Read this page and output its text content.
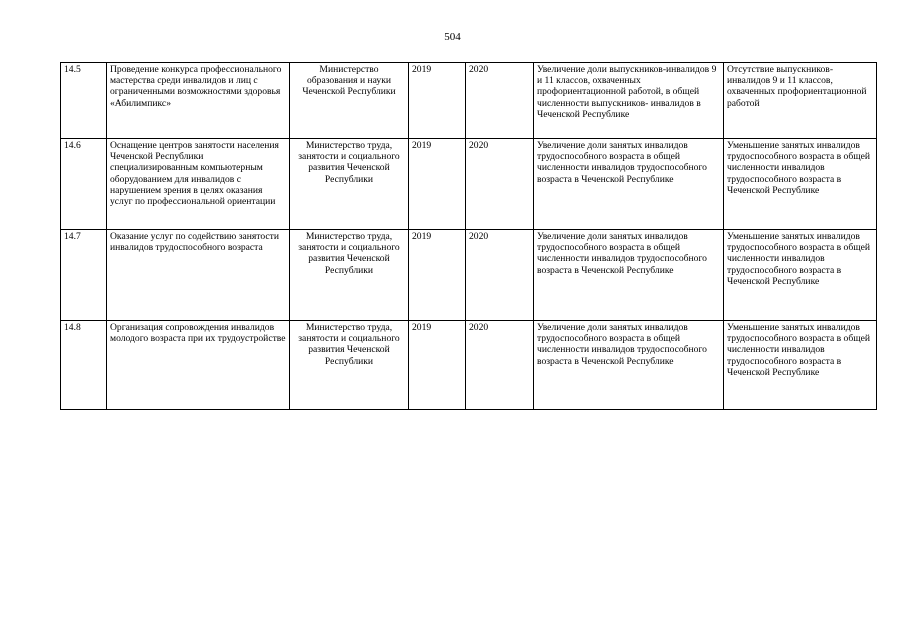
504
14.5	Проведение конкурса профессионального мастерства среди инвалидов и лиц с ограниченными возможностями здоровья «Абилимпикс»	Министерство образования и науки Чеченской Республики	2019	2020	Увеличение доли выпускников-инвалидов 9 и 11 классов, охваченных профориентационной работой, в общей численности выпускников- инвалидов в Чеченской Республике	Отсутствие выпускников-инвалидов 9 и 11 классов, охваченных профориентационной работой
14.6	Оснащение центров занятости населения Чеченской Республики специализированным компьютерным оборудованием для инвалидов с нарушением зрения в целях оказания услуг по профессиональной ориентации	Министерство труда, занятости и социального развития Чеченской Республики	2019	2020	Увеличение доли занятых инвалидов трудоспособного возраста в общей численности инвалидов трудоспособного возраста в Чеченской Республике	Уменьшение занятых инвалидов трудоспособного возраста в общей численности инвалидов трудоспособного возраста в Чеченской Республике
14.7	Оказание услуг по содействию занятости инвалидов трудоспособного возраста	Министерство труда, занятости и социального развития Чеченской Республики	2019	2020	Увеличение доли занятых инвалидов трудоспособного возраста в общей численности инвалидов трудоспособного возраста в Чеченской Республике	Уменьшение занятых инвалидов трудоспособного возраста в общей численности инвалидов трудоспособного возраста в Чеченской Республике
14.8	Организация сопровождения инвалидов молодого возраста при их трудоустройстве	Министерство труда, занятости и социального развития Чеченской Республики	2019	2020	Увеличение доли занятых инвалидов трудоспособного возраста в общей численности инвалидов трудоспособного возраста в Чеченской Республике	Уменьшение занятых инвалидов трудоспособного возраста в общей численности инвалидов трудоспособного возраста в Чеченской Республике
